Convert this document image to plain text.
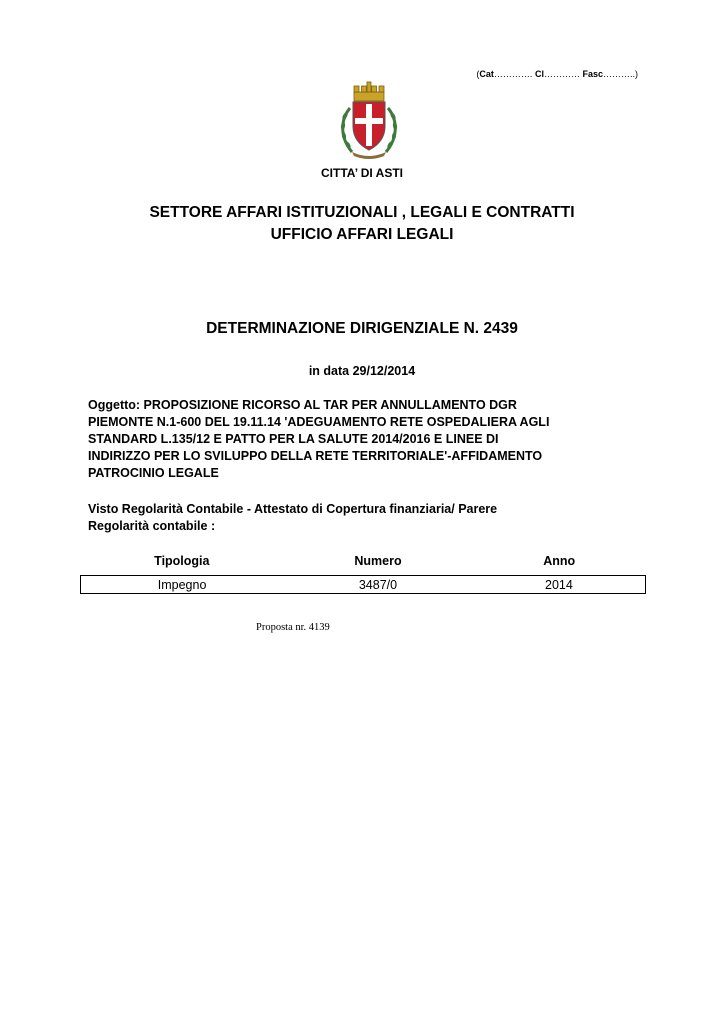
(Cat…………. Cl………… Fasc………..)
CITTA’ DI ASTI
SETTORE AFFARI ISTITUZIONALI , LEGALI E CONTRATTI
UFFICIO AFFARI LEGALI
DETERMINAZIONE DIRIGENZIALE N. 2439
in data 29/12/2014
Oggetto: PROPOSIZIONE RICORSO AL TAR PER ANNULLAMENTO DGR
PIEMONTE N.1-600 DEL 19.11.14 'ADEGUAMENTO RETE OSPEDALIERA AGLI
STANDARD L.135/12 E PATTO PER LA SALUTE 2014/2016 E LINEE DI
INDIRIZZO PER LO SVILUPPO DELLA RETE TERRITORIALE'-AFFIDAMENTO
PATROCINIO LEGALE
Visto Regolarità Contabile - Attestato di Copertura finanziaria/ Parere
Regolarità contabile :
Tipologia	Numero	Anno
Impegno	3487/0	2014
Proposta nr. 4139
